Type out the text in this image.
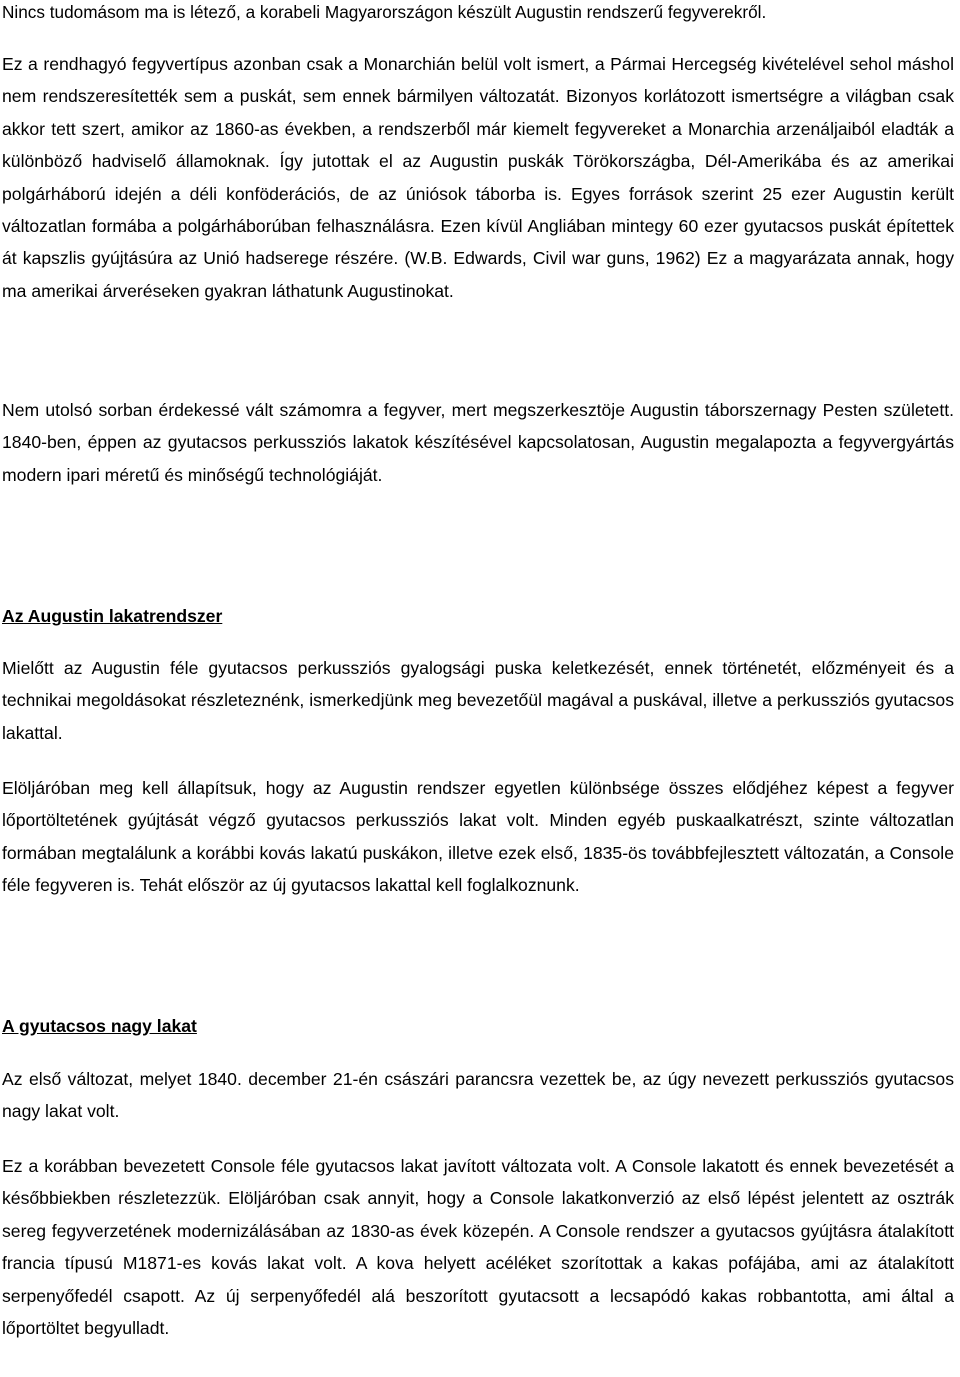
Nincs tudomásom ma is létező, a korabeli Magyarországon készült Augustin rendszerű fegyverekről.

Ez a rendhagyó fegyvertípus azonban csak a Monarchián belül volt ismert, a Pármai Hercegség kivételével sehol máshol nem rendszeresítették sem a puskát, sem ennek bármilyen változatát. Bizonyos korlátozott ismertségre a világban csak akkor tett szert, amikor az 1860-as években, a rendszerből már kiemelt fegyvereket a Monarchia arzenáljaiból eladták a különböző hadviselő államoknak. Így jutottak el az Augustin puskák Törökországba, Dél-Amerikába és az amerikai polgárháború idején a déli konföderációs, de az úniósok táborba is. Egyes források szerint 25 ezer Augustin került változatlan formába a polgárháborúban felhasználásra. Ezen kívül Angliában mintegy 60 ezer gyutacsos puskát építettek át kapszlis gyújtásúra az Unió hadserege részére. (W.B. Edwards, Civil war guns, 1962) Ez a magyarázata annak, hogy ma amerikai árveréseken gyakran láthatunk Augustinokat.

Nem utolsó sorban érdekessé vált számomra a fegyver, mert megszerkesztöje Augustin táborszernagy Pesten született. 1840-ben, éppen az gyutacsos perkussziós lakatok készítésével kapcsolatosan, Augustin megalapozta a fegyvergyártás modern ipari méretű és minőségű technológiáját.

Az Augustin lakatrendszer

Mielőtt az Augustin féle gyutacsos perkussziós gyalogsági puska keletkezését, ennek történetét, előzményeit és a technikai megoldásokat részleteznénk, ismerkedjünk meg bevezetőül magával a puskával, illetve a perkussziós gyutacsos lakattal.

Elöljáróban meg kell állapítsuk, hogy az Augustin rendszer egyetlen különbsége összes elődjéhez képest a fegyver lőportöltetének gyújtását végző gyutacsos perkussziós lakat volt. Minden egyéb puskaalkatrészt, szinte változatlan formában megtalálunk a korábbi kovás lakatú puskákon, illetve ezek első, 1835-ös továbbfejlesztett változatán, a Console féle fegyveren is. Tehát először az új gyutacsos lakattal kell foglalkoznunk.

A gyutacsos nagy lakat

Az első változat, melyet 1840. december 21-én császári parancsra vezettek be, az úgy nevezett perkussziós gyutacsos nagy lakat volt.

Ez a korábban bevezetett Console féle gyutacsos lakat javított változata volt. A Console lakatott és ennek bevezetését a későbbiekben részletezzük. Elöljáróban csak annyit, hogy a Console lakatkonverzió az első lépést jelentett az osztrák sereg fegyverzetének modernizálásában az 1830-as évek közepén. A Console rendszer a gyutacsos gyújtásra átalakított francia típusú M1871-es kovás lakat volt. A kova helyett acéléket szorítottak a kakas pofájába, ami az átalakított serpenyőfedél csapott. Az új serpenyőfedél alá beszorított gyutacsott a lecsapódó kakas robbantotta, ami által a lőportöltet begyulladt.
